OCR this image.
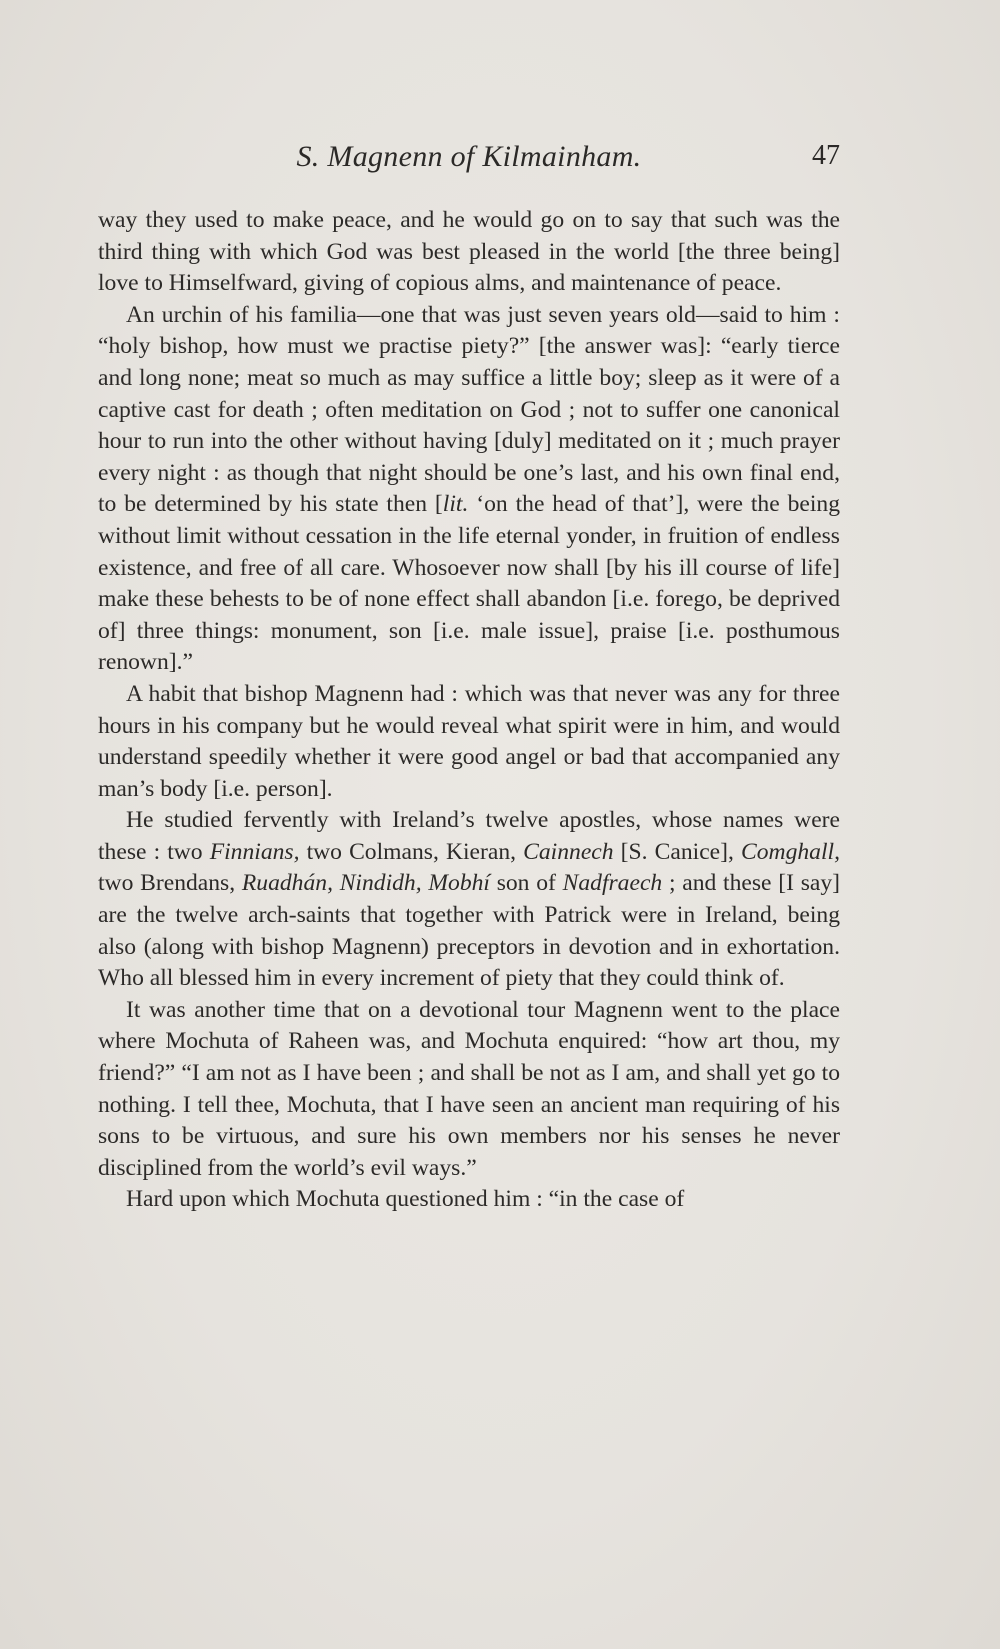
S. Magnenn of Kilmainham.	47

way they used to make peace, and he would go on to say that such was the third thing with which God was best pleased in the world [the three being] love to Himselfward, giving of copious alms, and maintenance of peace.

An urchin of his familia—one that was just seven years old—said to him : “holy bishop, how must we practise piety?” [the answer was]: “early tierce and long none; meat so much as may suffice a little boy; sleep as it were of a captive cast for death ; often meditation on God ; not to suffer one canonical hour to run into the other without having [duly] meditated on it ; much prayer every night : as though that night should be one’s last, and his own final end, to be determined by his state then [lit. ‘on the head of that’], were the being without limit without cessation in the life eternal yonder, in fruition of endless existence, and free of all care. Whosoever now shall [by his ill course of life] make these behests to be of none effect shall abandon [i.e. forego, be deprived of] three things: monument, son [i.e. male issue], praise [i.e. posthumous renown].”

A habit that bishop Magnenn had : which was that never was any for three hours in his company but he would reveal what spirit were in him, and would understand speedily whether it were good angel or bad that accompanied any man’s body [i.e. person].

He studied fervently with Ireland’s twelve apostles, whose names were these : two Finnians, two Colmans, Kieran, Cainnech [S. Canice], Comghall, two Brendans, Ruadhán, Nindidh, Mobhí son of Nadfraech ; and these [I say] are the twelve arch-saints that together with Patrick were in Ireland, being also (along with bishop Magnenn) preceptors in devotion and in exhortation. Who all blessed him in every increment of piety that they could think of.

It was another time that on a devotional tour Magnenn went to the place where Mochuta of Raheen was, and Mochuta enquired: “how art thou, my friend?” “I am not as I have been ; and shall be not as I am, and shall yet go to nothing. I tell thee, Mochuta, that I have seen an ancient man requiring of his sons to be virtuous, and sure his own members nor his senses he never disciplined from the world’s evil ways.”

Hard upon which Mochuta questioned him : “in the case of
